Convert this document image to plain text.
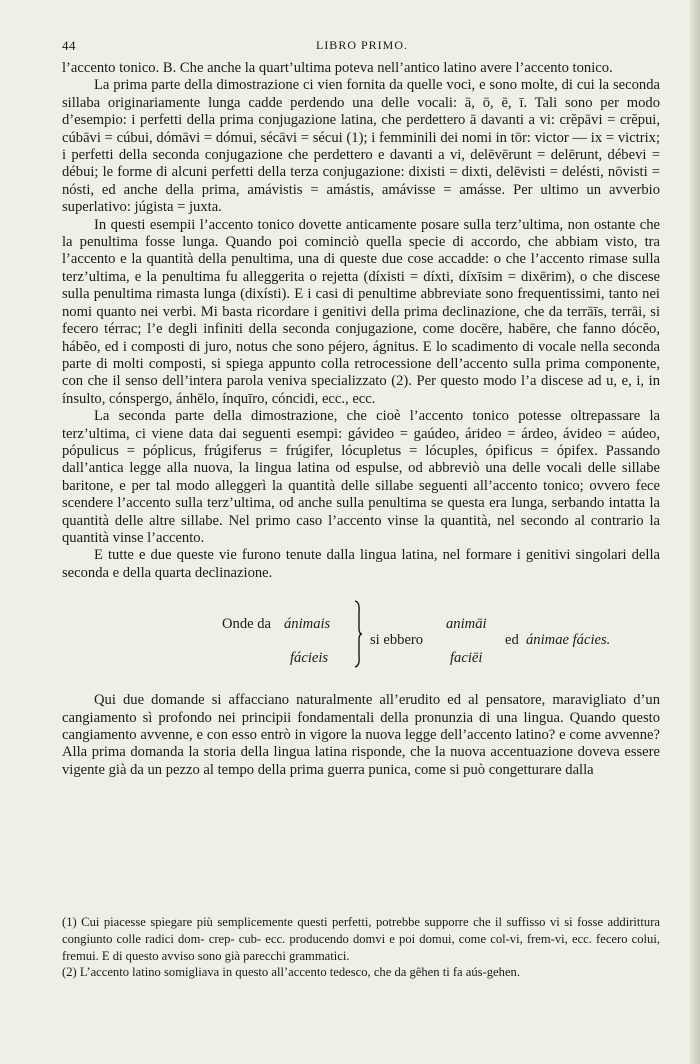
44	LIBRO PRIMO.

l’accento tonico. B. Che anche la quart’ultima poteva nell’antico latino avere l’accento tonico.

La prima parte della dimostrazione ci vien fornita da quelle voci, e sono molte, di cui la seconda sillaba originariamente lunga cadde perdendo una delle vocali: ā, ō, ē, ī. Tali sono per modo d’esempio: i perfetti della prima conjugazione latina, che perdettero ā davanti a vi: crĕpāvi = crĕpui, cúbāvi = cúbui, dómāvi = dómui, sécāvi = sécui (1); i femminili dei nomi in tōr: victor — ix = victrix; i perfetti della seconda conjugazione che perdettero e davanti a vi, delēvērunt = delērunt, débevi = débui; le forme di alcuni perfetti della terza conjugazione: dixisti = dixti, delēvisti = delésti, nōvisti = nósti, ed anche della prima, amávistis = amástis, amávisse = amásse. Per ultimo un avverbio superlativo: júgista = juxta.

In questi esempii l’accento tonico dovette anticamente posare sulla terz’ultima, non ostante che la penultima fosse lunga. Quando poi cominciò quella specie di accordo, che abbiam visto, tra l’accento e la quantità della penultima, una di queste due cose accadde: o che l’accento rimase sulla terz’ultima, e la penultima fu alleggerita o rejetta (díxisti = díxti, díxīsim = dixērim), o che discese sulla penultima rimasta lunga (dixísti). E i casi di penultime abbreviate sono frequentissimi, tanto nei nomi quanto nei verbi. Mi basta ricordare i genitivi della prima declinazione, che da terrāīs, terrāi, si fecero térrac; l’e degli infiniti della seconda conjugazione, come docēre, habēre, che fanno dócĕo, hábĕo, ed i composti di juro, notus che sono péjero, ágnitus. E lo scadimento di vocale nella seconda parte di molti composti, si spiega appunto colla retrocessione dell’accento sulla prima componente, con che il senso dell’intera parola veniva specializzato (2). Per questo modo l’a discese ad u, e, i, in ínsulto, cónspergo, ánhēlo, ínquīro, cóncidi, ecc., ecc.

La seconda parte della dimostrazione, che cioè l’accento tonico potesse oltrepassare la terz’ultima, ci viene data dai seguenti esempi: gávideo = gaúdeo, árideo = árdeo, ávideo = aúdeo, pópulicus = póplicus, frúgiferus = frúgifer, lócupletus = lócuples, ópificus = ópifex. Passando dall’antica legge alla nuova, la lingua latina od espulse, od abbreviò una delle vocali delle sillabe baritone, e per tal modo alleggerì la quantità delle sillabe seguenti all’accento tonico; ovvero fece scendere l’accento sulla terz’ultima, od anche sulla penultima se questa era lunga, serbando intatta la quantità delle altre sillabe. Nel primo caso l’accento vinse la quantità, nel secondo al contrario la quantità vinse l’accento.

E tutte e due queste vie furono tenute dalla lingua latina, nel formare i genitivi singolari della seconda e della quarta declinazione.

Onde da ánimais
fácieis
si ebbero
animāi
faciēi
ed ánimae fácies.

Qui due domande si affacciano naturalmente all’erudito ed al pensatore, maravigliato d’un cangiamento sì profondo nei principii fondamentali della pronunzia di una lingua. Quando questo cangiamento avvenne, e con esso entrò in vigore la nuova legge dell’accento latino? e come avvenne? Alla prima domanda la storia della lingua latina risponde, che la nuova accentuazione doveva essere vigente già da un pezzo al tempo della prima guerra punica, come si può congetturare dalla

(1) Cui piacesse spiegare più semplicemente questi perfetti, potrebbe supporre che il suffisso vi si fosse addirittura congiunto colle radici dom- crep- cub- ecc. producendo domvi e poi domui, come col-vi, frem-vi, ecc. fecero colui, fremui. E di questo avviso sono già parecchi grammatici.

(2) L’accento latino somigliava in questo all’accento tedesco, che da gêhen ti fa aús-gehen.
